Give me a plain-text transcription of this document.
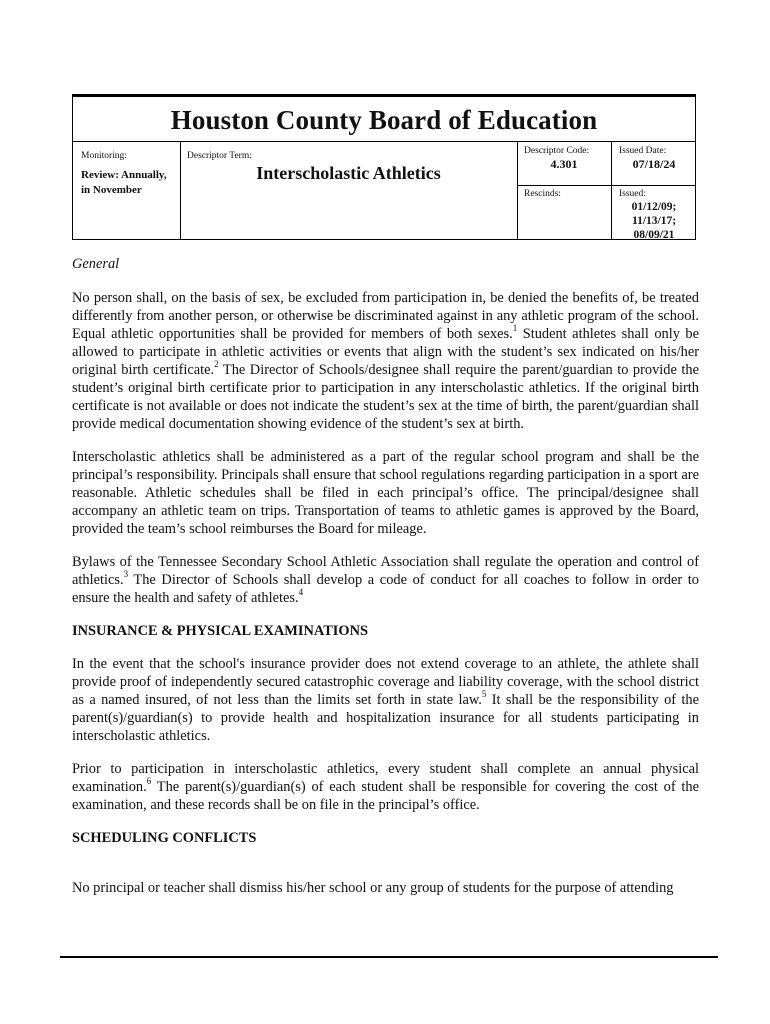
Houston County Board of Education
Monitoring:
Review: Annually,
in November
Descriptor Term:
Interscholastic Athletics
Descriptor Code:
4.301
Issued Date:
07/18/24
Rescinds:	Issued:
01/12/09;
11/13/17;
08/09/21
General

No person shall, on the basis of sex, be excluded from participation in, be denied the benefits of, be treated differently from another person, or otherwise be discriminated against in any athletic program of the school. Equal athletic opportunities shall be provided for members of both sexes.$^1$ Student athletes shall only be allowed to participate in athletic activities or events that align with the student’s sex indicated on his/her original birth certificate.$^2$ The Director of Schools/designee shall require the parent/guardian to provide the student’s original birth certificate prior to participation in any interscholastic athletics. If the original birth certificate is not available or does not indicate the student’s sex at the time of birth, the parent/guardian shall provide medical documentation showing evidence of the student’s sex at birth.

Interscholastic athletics shall be administered as a part of the regular school program and shall be the principal’s responsibility. Principals shall ensure that school regulations regarding participation in a sport are reasonable. Athletic schedules shall be filed in each principal’s office. The principal/designee shall accompany an athletic team on trips. Transportation of teams to athletic games is approved by the Board, provided the team’s school reimburses the Board for mileage.

Bylaws of the Tennessee Secondary School Athletic Association shall regulate the operation and control of athletics.$^3$ The Director of Schools shall develop a code of conduct for all coaches to follow in order to ensure the health and safety of athletes.$^4$

INSURANCE & PHYSICAL EXAMINATIONS

In the event that the school's insurance provider does not extend coverage to an athlete, the athlete shall provide proof of independently secured catastrophic coverage and liability coverage, with the school district as a named insured, of not less than the limits set forth in state law.$^5$ It shall be the responsibility of the parent(s)/guardian(s) to provide health and hospitalization insurance for all students participating in interscholastic athletics.

Prior to participation in interscholastic athletics, every student shall complete an annual physical examination.$^6$ The parent(s)/guardian(s) of each student shall be responsible for covering the cost of the examination, and these records shall be on file in the principal’s office.

SCHEDULING CONFLICTS

No principal or teacher shall dismiss his/her school or any group of students for the purpose of attending
